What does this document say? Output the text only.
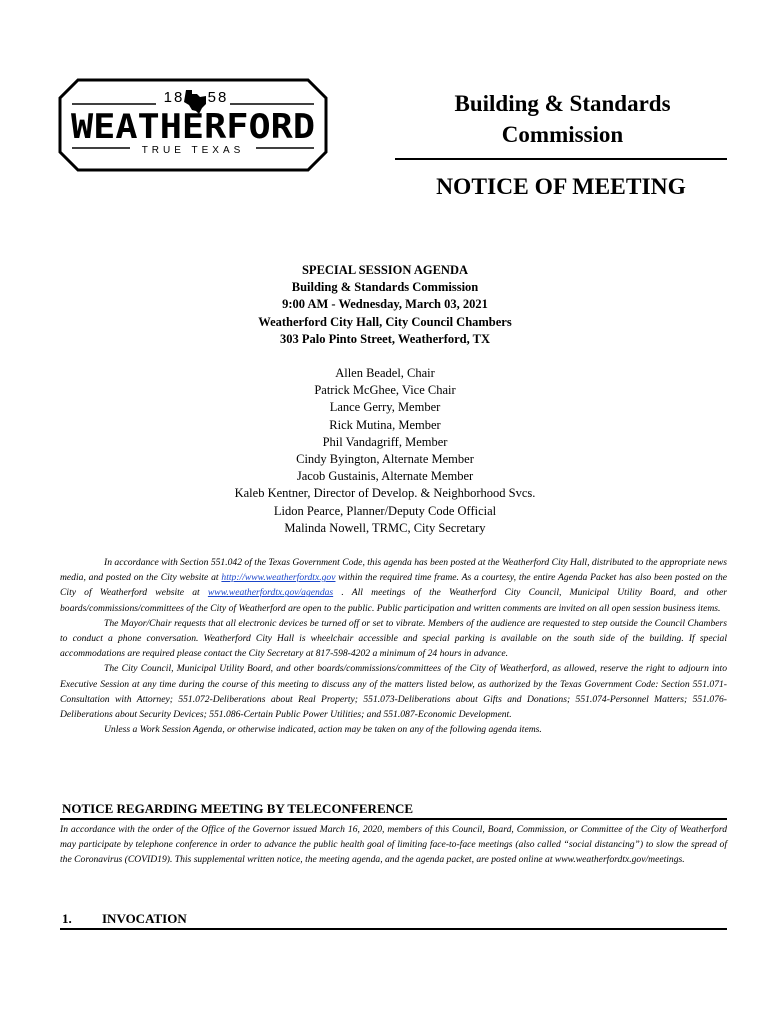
18 58
WEATHERFORD
TRUE TEXAS
Building & Standards
Commission
NOTICE OF MEETING
SPECIAL SESSION AGENDA
Building & Standards Commission
9:00 AM - Wednesday, March 03, 2021
Weatherford City Hall, City Council Chambers
303 Palo Pinto Street, Weatherford, TX
Allen Beadel, Chair
Patrick McGhee, Vice Chair
Lance Gerry, Member
Rick Mutina, Member
Phil Vandagriff, Member
Cindy Byington, Alternate Member
Jacob Gustainis, Alternate Member
Kaleb Kentner, Director of Develop. & Neighborhood Svcs.
Lidon Pearce, Planner/Deputy Code Official
Malinda Nowell, TRMC, City Secretary

In accordance with Section 551.042 of the Texas Government Code, this agenda has been posted at the Weatherford City Hall, distributed to the appropriate news media, and posted on the City website at http://www.weatherfordtx.gov within the required time frame. As a courtesy, the entire Agenda Packet has also been posted on the City of Weatherford website at www.weatherfordtx.gov/agendas . All meetings of the Weatherford City Council, Municipal Utility Board, and other boards/commissions/committees of the City of Weatherford are open to the public. Public participation and written comments are invited on all open session business items.

The Mayor/Chair requests that all electronic devices be turned off or set to vibrate. Members of the audience are requested to step outside the Council Chambers to conduct a phone conversation. Weatherford City Hall is wheelchair accessible and special parking is available on the south side of the building. If special accommodations are required please contact the City Secretary at 817-598-4202 a minimum of 24 hours in advance.

The City Council, Municipal Utility Board, and other boards/commissions/committees of the City of Weatherford, as allowed, reserve the right to adjourn into Executive Session at any time during the course of this meeting to discuss any of the matters listed below, as authorized by the Texas Government Code: Section 551.071-Consultation with Attorney; 551.072-Deliberations about Real Property; 551.073-Deliberations about Gifts and Donations; 551.074-Personnel Matters; 551.076-Deliberations about Security Devices; 551.086-Certain Public Power Utilities; and 551.087-Economic Development.

Unless a Work Session Agenda, or otherwise indicated, action may be taken on any of the following agenda items.

NOTICE REGARDING MEETING BY TELECONFERENCE
In accordance with the order of the Office of the Governor issued March 16, 2020, members of this Council, Board, Commission, or Committee of the City of Weatherford may participate by telephone conference in order to advance the public health goal of limiting face-to-face meetings (also called “social distancing”) to slow the spread of the Coronavirus (COVID19). This supplemental written notice, the meeting agenda, and the agenda packet, are posted online at www.weatherfordtx.gov/meetings.
1. INVOCATION
